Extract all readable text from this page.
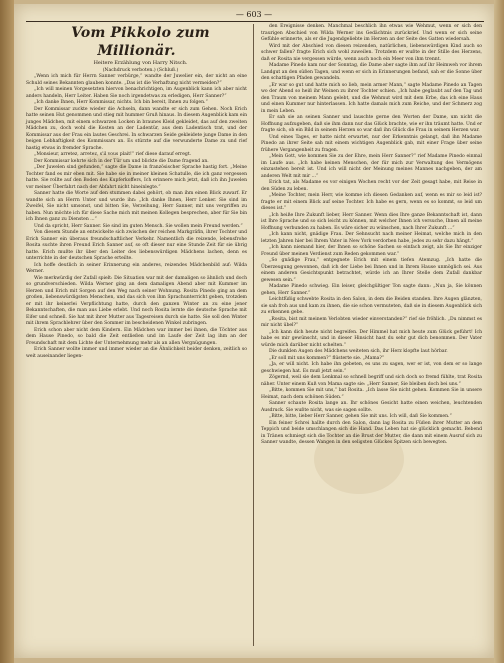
— 603 —

Vom Pikkolo zum Millionär.

Heitere Erzählung von Harry Nitsch.

(Nachdruck verboten.) (Schluß.)

„Wenn ich mich für Herrn Sanner verbürge,“ wandte der Juwelier ein, der nicht an eine Schuld seines Bekannten glauben konnte. „Das ist die Verhaftung nicht vermeiden?“

„Ich will meinen Vorgesetzten hiervon benachrichtigen, im Augenblick kann ich aber nicht anders handeln, Herr Leiter. Haben Sie noch irgendetwas zu erledigen, Herr Sanner?“

„Ich danke Ihnen, Herr Kommissar, nichts. Ich bin bereit, Ihnen zu folgen.“

Der Kommissar zuckte wieder die Achseln, dann wandte er sich zum Gehen. Noch Erich hatte seinen Hut genommen und stieg mit hummer Gruß hinaus. In diesem Augenblick kam ein junges Mädchen, mit einem schwarzen Locken in braunes Kleid gekleidet, das auf den zweiten Mädchen zu, doch wohl die Kosten an der Ladentür, aus dem Ladentisch trat, und der Kommissar aus der Frau ein lautes Geschrei. In schwarzen Seide gekleidete junge Dame in den beigen Lebhaftigkeit des Kommissars an. Es stürzte auf die verwunderte Dame zu und rief hastig etwas in fremder Sprache.

„Monsieur, arretez, arretez, s'il vous plait!“ rief diese darauf erregt.

Der Kommissar kehrte sich in der Tür um und blickte die Dame fragend an.

„Der Juwelen sind gefunden,“ sagte die Dame in französischer Sprache hastig fort. „Meine Tochter fand es mir eben mit. Sie habe sie in meiner kleinen Schatulle, die ich ganz vergessen hatte. Sie rollte auf den Boden des Kupferkoffers, Ich erinnere mich jetzt, daß ich ihn Juwelen vor meiner Überfahrt nach der Abfahrt nicht hineinlegte.“

Sanner hatte die Worte auf den stummen dabei gehört, ob man ihm einen Blick zuwarf. Er wandte sich an Herrn Unter und wurde ihn: „Ich danke Ihnen, Herr Lenker. Sie sind im Zweifel, Sie nicht umsonst, und bitten Sie, Verzeihung, Herr Sanner, mit uns vergriffen zu haben. Nun möchte ich für diese Sache mich mit meinen Kollegen besprechen, aber für Sie bin ich Ihnen ganz zu Diensten ...“

Und da spricht, Herr Sanner. Sie sind im guten Mensch. Sie wollen mein Freund werden.“

Von diesem Stunde an entwickelte sich zwischen der reichen Markgräfin, ihrer Tochter und Erich Sanner ein überaus freundschaftlicher Verkehr. Namentlich die reizende, lebensfrohe Rosita suchte ihren Freund Erich Sanner auf, so oft dieser nur eine Stunde Zeit für sie übrig hatte. Erich mußte ihr über den Leiter des liebenswürdigen Mädchens lachen, denn es unterrichte in der deutschen Sprache erteilte.

Ich hoffe deutlich in seiner Erinnerung ein anderes, reizendes Mädchenbild auf: Wilda Werner.

Wie merkwürdig der Zufall spielt: Die Situation war mit der damaligen so ähnlich und doch so grundverschieden. Wilda Werner ging an dem damaligen Abend aber mit Kummer im Herzen und Erich mit Sorgen auf den Weg nach seiner Wohnung. Rosita Pinedo ging an dem großen, liebenswürdigsten Menschen, und das sich von ihm Sprachunterricht geben, trotzdem er mit ihr keinerlei Verpflichtung hatte, durch den ganzen Winter an zu eine jener Bekanntschaften, die man aus Liebe erlebt. Und noch Rosita lernte die deutsche Sprache mit Eifer und schnell. Sie hat mit ihrer Mutter aus Tagesreisen durch sie hatte. Sie soll den Winter mit ihrem Sprachlehrer über den Sommer im bescheidenen Winkel zubringen.

Erich schon aber nicht dem Kindern. Ein Mädchen war immer bei ihnen, die Töchter aus dem Hause Pinedo, so bald die Zeit entließen und im Laufe der Zeit lag ihm an der Freundschaft mit dem Lichte der Unternehmung mehr als an allen Vergnügungen.

Erich Sanner wollte immer und immer wieder an die Ähnlichkeit beider denken, zeitlich so weit auseinander liegen-

den Ereignisse denken. Manchmal beschlich ihn etwas wie Wehmut, wenn er sich den traurigen Abschied von Wilda Werner ins Gedächtnis zurückrief. Und wenn er sich seine Gefühle erinnerte, als er die Jugendgeliebte im Herzen an der Seite des Gatten wiedersah.

Wird mit der Abschied von diesen reizenden, natürlichen, liebenswürdigen Kind auch so schwer fallen? fragte Erich sich wohl zuweilen. Trotzdem er wußte in der Stille des Herzens, daß er Rosita nie vergessen würde, wenn auch noch ein Meer von ihm trennt.

Madame Pinedo kam nur der Sonntag, die Dame aber sagte ihm auf ihr Heimweh vor ihrem Landgut an den süßen Tagen, und wenn er sich in Erinnerungen befand, sah er die Sonne über den schattigen Pfaden gewandeln.

„Er war so gut und hatte mich so lieb, mein armer Mann,“ sagte Madame Pinedo an Tagen wo der Abend so heiß ihr Weinen zu ihrer Tochter schien. „Ich habe geglaubt auf den Tag und den Traum von meinem Mann gelebt, und die Wehmut wird mit dem Erbe, das ich eine Haus und einen Kummer nur hinterlassen. Ich hatte damals mich zum Reiche, und der Schmerz zog in mein Leben.

Er sah sie an seinen Sanner und lauschte gerne den Worten der Dame, um nicht die Hoffnung aufzugeben, daß sie ihm dann nur das Glück brachte, wie er ihn träumt hatte. Und er fragte sich, ob ein Bild in seinem Herzen so war daß ihn Glück die Frau in seinem Herzen war.

Und eines Tages, er hatte nicht erwartet, nur der Erkenntnis gelangt, daß ihn Madame Pinedo an ihrer Seite sah mit einem wichtigen Augenblick gab, mit einer Frage über seine frühere Vergangenheit zu fragen.

„Mein Gott, wie kommen Sie zu der Ehre, mein Herr Sanner?“ rief Madame Pinedo einmal im Laufe aus. „Ich habe keinen Menschen, der für mich zur Verwaltung des Vermögens einzustehen bereit ist. Und ich will nicht der Meinung meines Mannes nachgeben, der am anderen Welt mit mir ...“

Erich tat, als Madame es vor einigen Wochen recht vor der Zeit gesagt habe, mit Reise in den Süden zu leben.

„Meine Tochter, mein Herr, wie komme ich diesen Gedanken auf, wenn es mir so leid ist? fragte er mit einem Blick auf seine Tochter. Ich habe es gern, wenn es so kommt, so leid um dieses ist.“

„Ich heiße Ihre Zukunft lieber, Herr Sanner. Wenn dies Ihre ganze Bekanntschaft ist, dann ist Ihre Sprache und so sich leicht zu können, mit welcher Ihnen ich versuche, Ihnen all meine Hoffnung verbunden zu haben. Es wäre sicher zu wünschen, nach Ihrer Zukunft ...“

„Ich kann nicht, gnädige Frau. Der Sehnsucht nach meiner Heimat, welche mich in den letzten Jahren hier bei Ihrem Vater in New York verdorben habe, jedes zu sehr dazu hängt.“

„Ich kann niemand hier, der Ihnen so schöne Sachen so einfach zeigt, als Sie Ihr einziger Freund über meinen Verdienst zum Reden gekommen war.“

„So gnädige Frau,“ entgegnete Erich mit einem tiefen Atemzug. „Ich hatte die Überzeugung gewonnen, daß ich der Liebe bei Ihnen und in Ihrem Hause unmöglich sei. Aus einem anderen Gesichtspunkt betrachtet, würde ich an Ihrer Stelle dem Zufall dankbar gewesen sein.“

Madame Pinedo schwieg. Ein leiser, gleichgültiger Ton sagte dann: „Nun ja, Sie können gehen, Herr Sanner.“

Leichtfüßig schwebte Rosita in den Salon, in dem die Beiden standen. Ihre Augen glänzten, sie sah froh aus und kam zu ihnen, die sie schon vermuteten, daß sie in diesem Augenblick sich zu erkennen gebe.

„Rosita, bist mit meinem Verlobten wieder einverstanden?“ rief sie fröhlich. „Du nimmst es mir nicht übel?“

„Ich kann dich heute nicht begreifen. Der Himmel hat mich heute zum Glück geführt! Ich habe es mir gewünscht, und in dieser Hinsicht hast du sehr gut dich benommen. Der Vater würde mich darüber nicht schelten.“

Die dunklen Augen des Mädchens weiteten sich, ihr Herz klopfte laut hörbar.

„Er soll mit uns kommen?“ flüsterte sie. „Mama?“

„Ja, er will nicht. Ich habe ihn gebeten, es uns zu sagen, wer er ist, von dem er so lange geschwiegen hat. Es muß jetzt sein.“

Zögernd, weil sie dem Lenkmal so schnell begriff und sich doch so fremd fühlte, trat Rosita näher. Unter einem Kuß von Mama sagte sie: „Herr Sanner, Sie bleiben doch bei uns.“

„Bitte, kommen Sie mit uns,“ bat Rosita. „Ich lasse Sie nicht gehen. Kommen Sie in unsere Heimat, nach dem schönen Süden.“

Sanner schaute Rosita lange an. Ihr schönes Gesicht hatte einen weichen, leuchtenden Ausdruck. Sie wußte nicht, was sie sagen sollte.

„Bitte, bitte, lieber Herr Sanner, gehen Sie mit uns. Ich will, daß Sie kommen.“

Ein feiner Schrei hallte durch den Salon, dann lag Rosita zu Füßen ihrer Mutter an dem Teppich und beide umschlangen sich die Hand. Das Leben hat sie glücklich gemacht. Bebend in Tränen schmiegt sich die Tochter an die Brust der Mutter, die dann mit einem Ausruf sich zu Sanner wandte, dessen Wangen in den seligsten Glückes Spitzen sich bewegten.
